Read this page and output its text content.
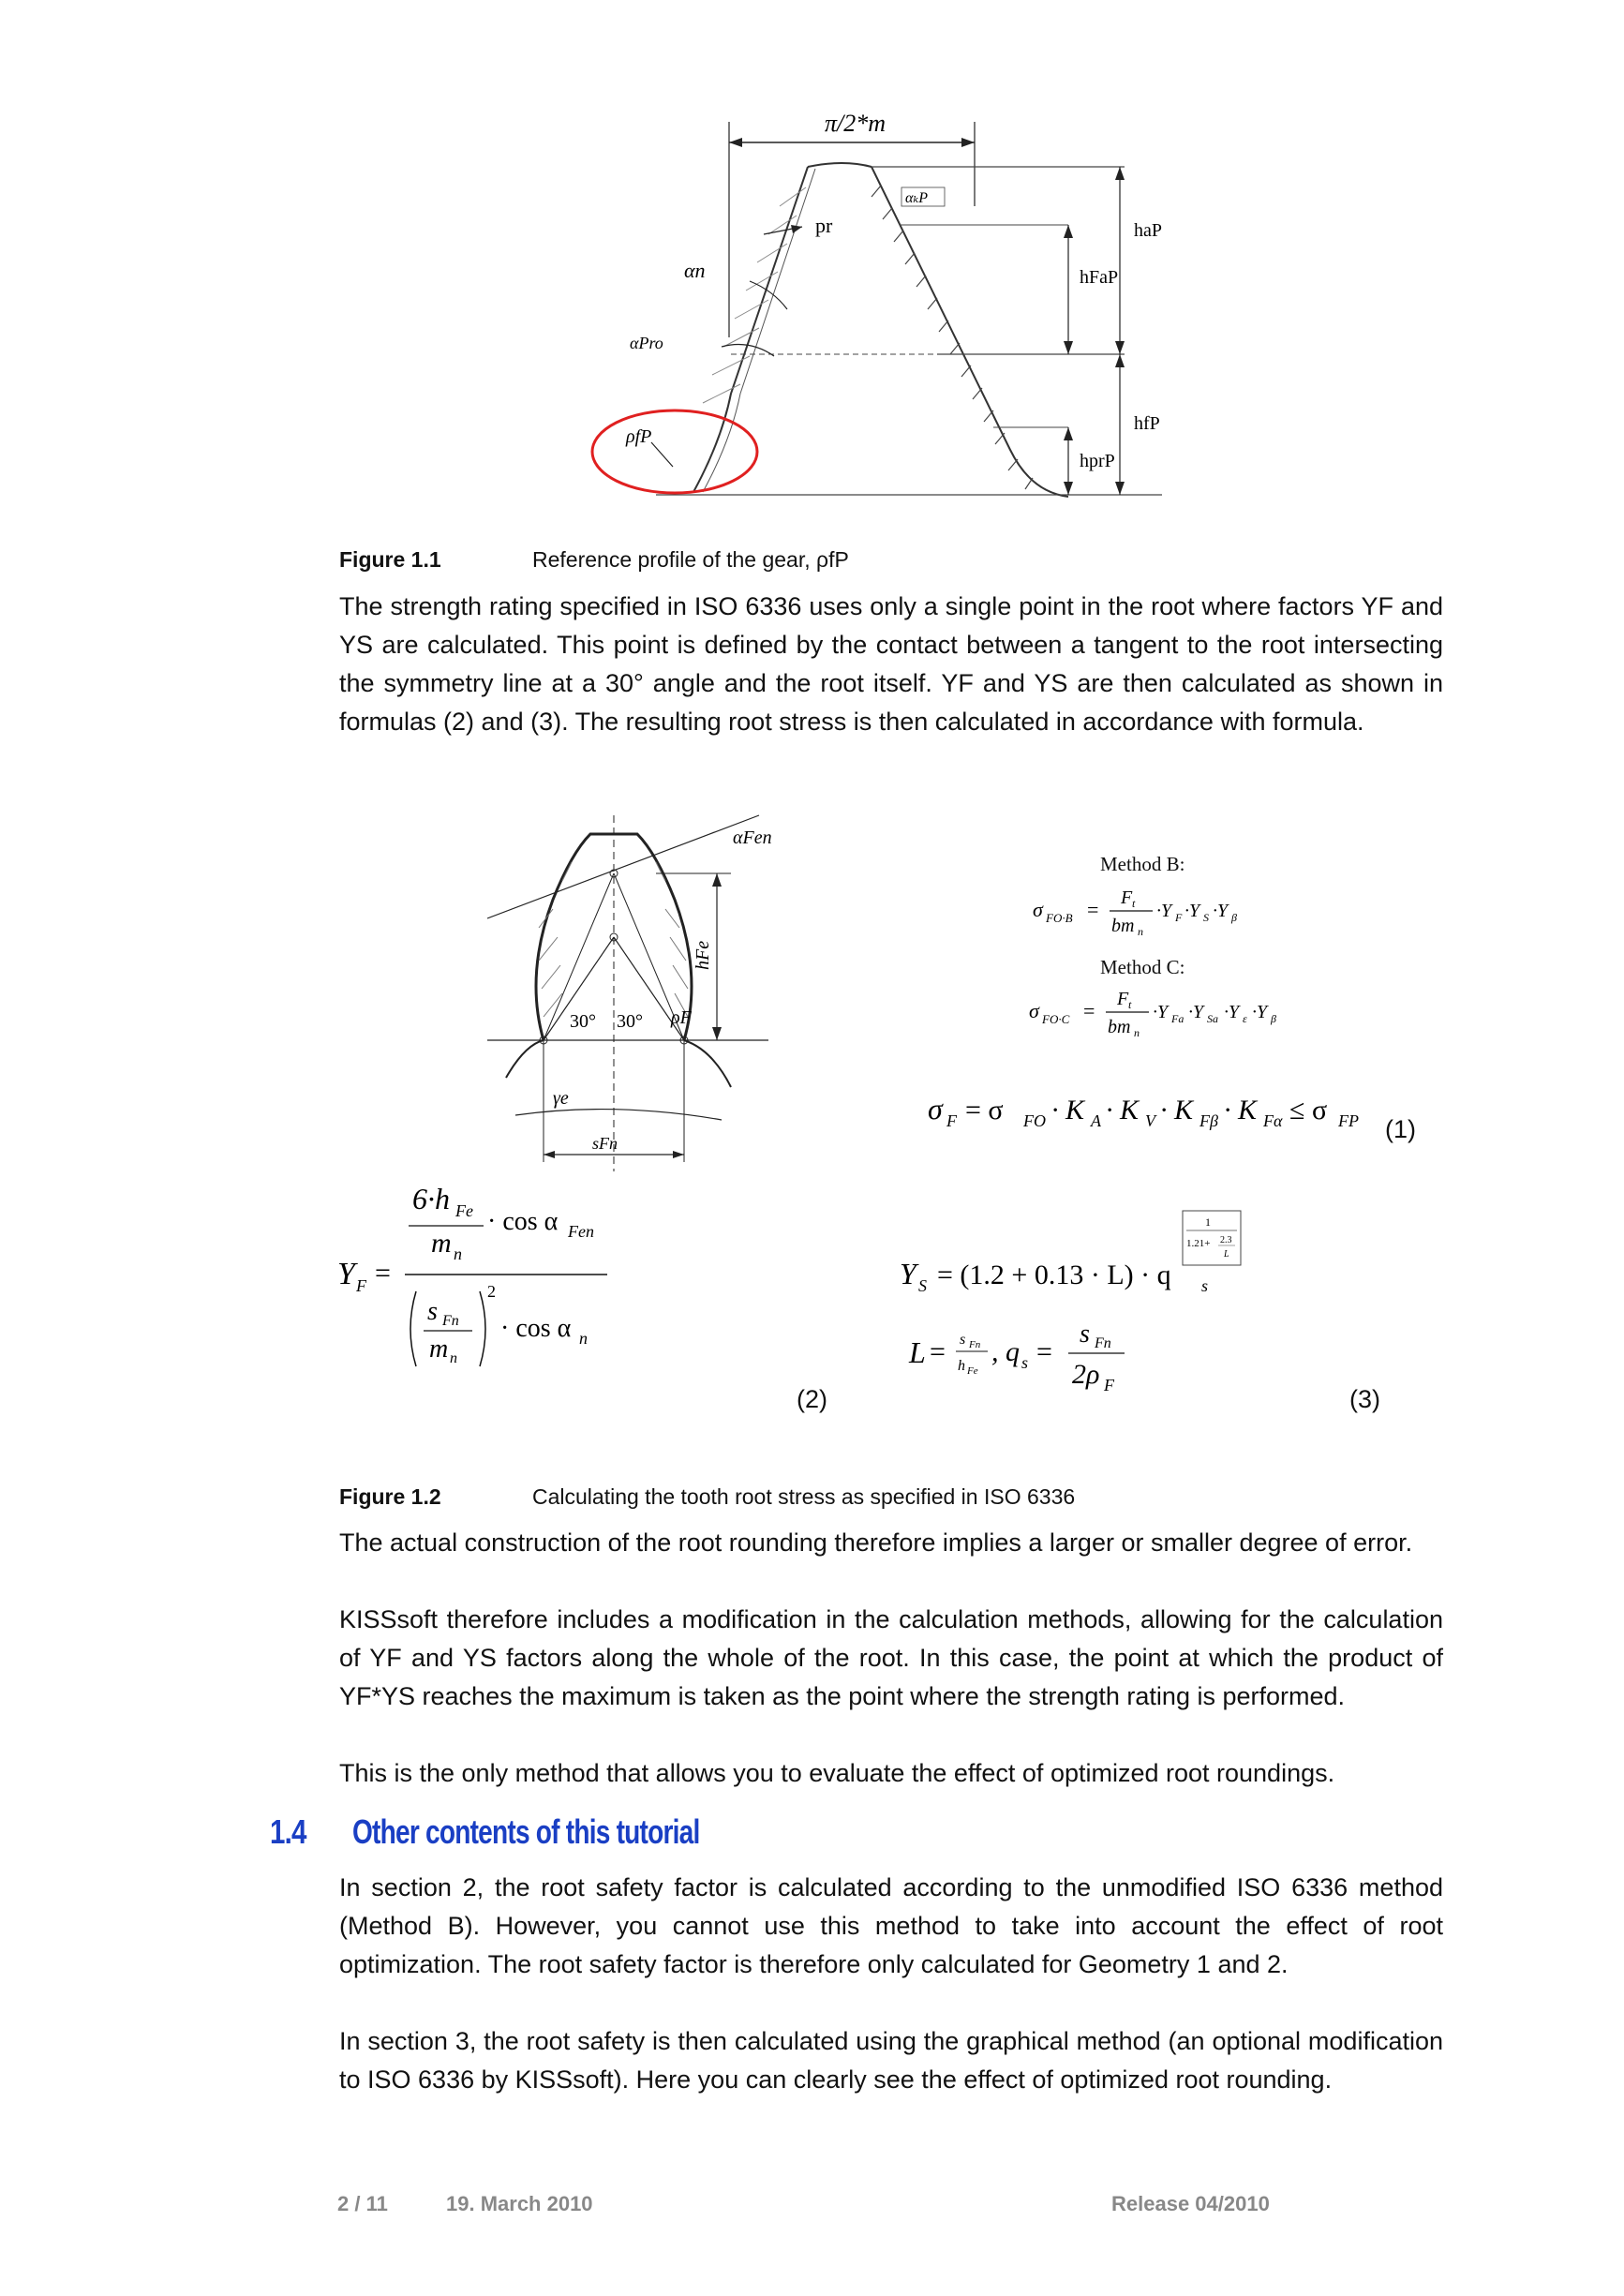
π/2*m
αₖP
pr
αn
αPro
ρfP
haP
hfP
hFaP
hprP
Figure 1.1	Reference profile of the gear, ρfP

The strength rating specified in ISO 6336 uses only a single point in the root where factors YF and YS are calculated. This point is defined by the contact between a tangent to the root intersecting the symmetry line at a 30° angle and the root itself. YF and YS are then calculated as shown in formulas (2) and (3). The resulting root stress is then calculated in accordance with formula.

αFen
hFe
30° 30° ρF
γe
sFn
Method B:
σ FO·B = F t
bm n
·Y F ·Y S ·Y β
Method C:
σ FO·C = F t
bm n
·Y Fa ·Y Sa ·Y ε ·Y β
σ F = σ FO · K A · K V · K Fβ · K Fα ≤ σ FP (1)
Y F =
6·h Fe
m n
· cos α Fen
s Fn
m n
2
· cos α n
(2)
Y S = (1.2 + 0.13 · L) · q s
1
1.21+ 2.3
L
L = s Fn
h Fe
, q s =
s Fn
2ρ F	(3)
Figure 1.2	Calculating the tooth root stress as specified in ISO 6336

The actual construction of the root rounding therefore implies a larger or smaller degree of error.

KISSsoft therefore includes a modification in the calculation methods, allowing for the calculation of YF and YS factors along the whole of the root. In this case, the point at which the product of YF*YS reaches the maximum is taken as the point where the strength rating is performed.

This is the only method that allows you to evaluate the effect of optimized root roundings.

1.4 Other contents of this tutorial

In section 2, the root safety factor is calculated according to the unmodified ISO 6336 method (Method B). However, you cannot use this method to take into account the effect of root optimization. The root safety factor is therefore only calculated for Geometry 1 and 2.

In section 3, the root safety is then calculated using the graphical method (an optional modification to ISO 6336 by KISSsoft). Here you can clearly see the effect of optimized root rounding.

2 / 11	19. March 2010	Release 04/2010
